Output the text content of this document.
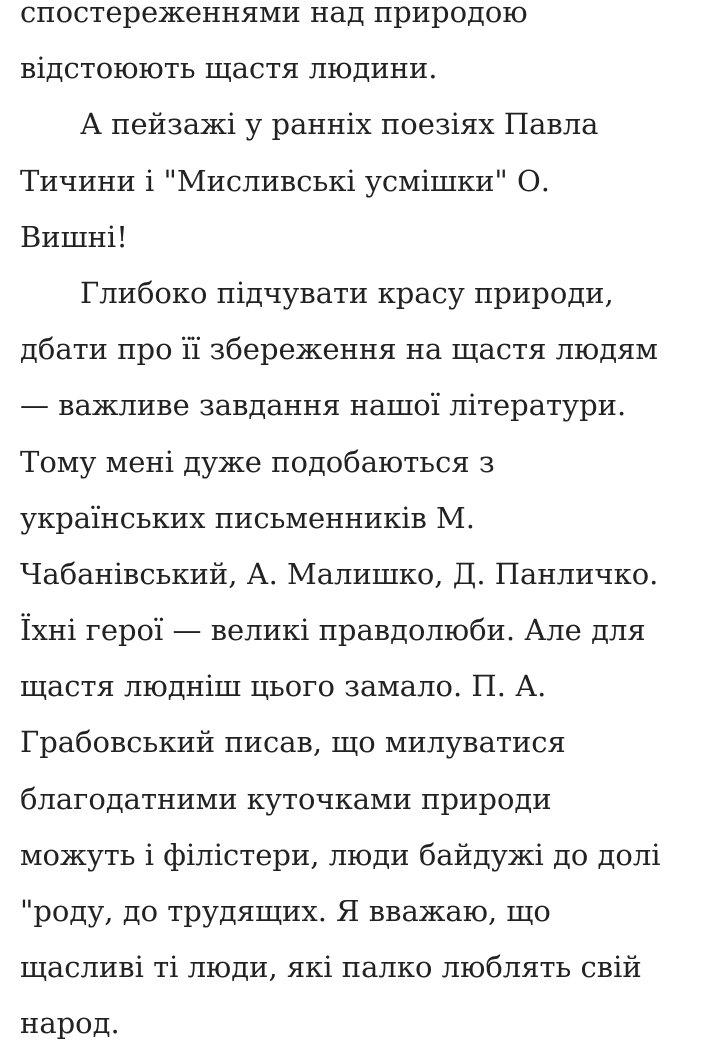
спостереженнями над природою
відстоюють щастя людини.
А пейзажі у ранніх поезіях Павла
Тичини і "Мисливські усмішки" О.
Вишні!
Глибоко підчувати красу природи,
дбати про її збереження на щастя людям
— важливе завдання нашої літератури.
Тому мені дуже подобаються з
українських письменників М.
Чабанівський, А. Малишко, Д. Панличко.
Їхні герої — великі правдолюби. Але для
щастя людніш цього замало. П. А.
Грабовський писав, що милуватися
благодатними куточками природи
можуть і філістери, люди байдужі до долі
"роду, до трудящих. Я вважаю, що
щасливі ті люди, які палко люблять свій
народ.
